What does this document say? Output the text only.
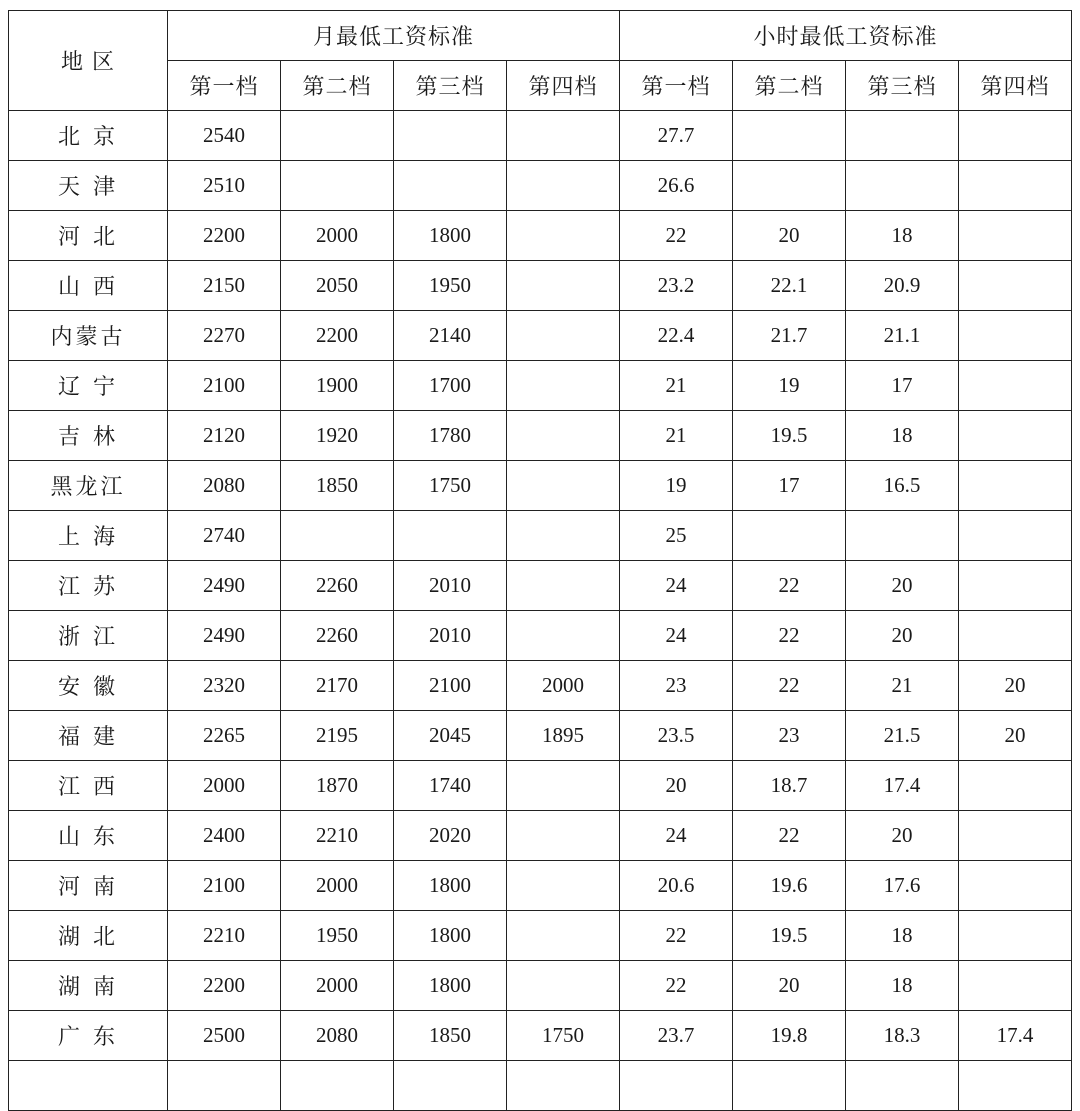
地 区	月最低工资标准				小时最低工资标准			
	第一档	第二档	第三档	第四档	第一档	第二档	第三档	第四档
北 京	2540				27.7			
天 津	2510				26.6			
河 北	2200	2000	1800		22	20	18	
山 西	2150	2050	1950		23.2	22.1	20.9	
内蒙古	2270	2200	2140		22.4	21.7	21.1	
辽 宁	2100	1900	1700		21	19	17	
吉 林	2120	1920	1780		21	19.5	18	
黑龙江	2080	1850	1750		19	17	16.5	
上 海	2740				25			
江 苏	2490	2260	2010		24	22	20	
浙 江	2490	2260	2010		24	22	20	
安 徽	2320	2170	2100	2000	23	22	21	20
福 建	2265	2195	2045	1895	23.5	23	21.5	20
江 西	2000	1870	1740		20	18.7	17.4	
山 东	2400	2210	2020		24	22	20	
河 南	2100	2000	1800		20.6	19.6	17.6	
湖 北	2210	1950	1800		22	19.5	18	
湖 南	2200	2000	1800		22	20	18	
广 东	2500	2080	1850	1750	23.7	19.8	18.3	17.4
